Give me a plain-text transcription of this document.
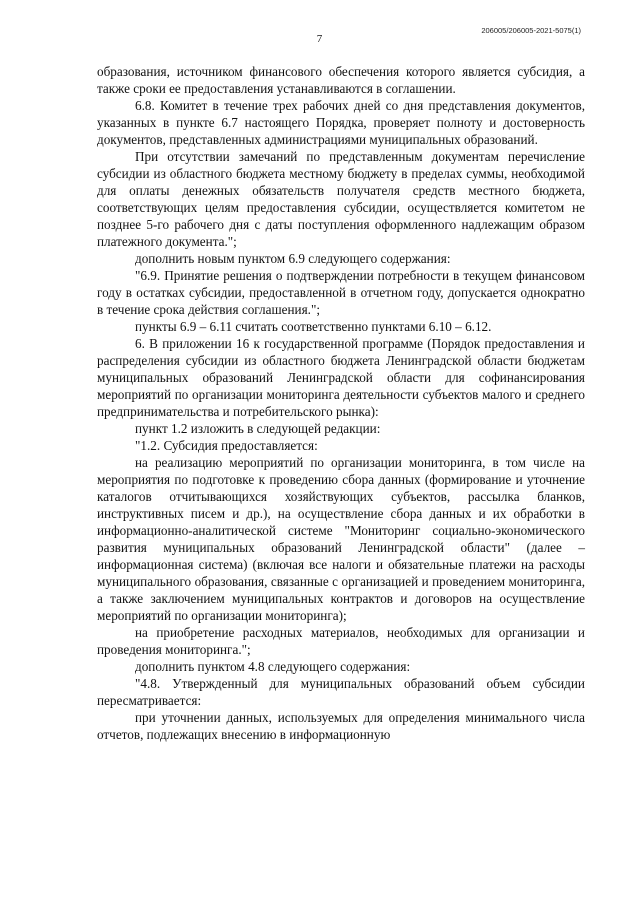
206005/206005-2021-5075(1)
7

образования, источником финансового обеспечения которого является субсидия, а также сроки ее предоставления устанавливаются в соглашении.

6.8. Комитет в течение трех рабочих дней со дня представления документов, указанных в пункте 6.7 настоящего Порядка, проверяет полноту и достоверность документов, представленных администрациями муниципальных образований.

При отсутствии замечаний по представленным документам перечисление субсидии из областного бюджета местному бюджету в пределах суммы, необходимой для оплаты денежных обязательств получателя средств местного бюджета, соответствующих целям предоставления субсидии, осуществляется комитетом не позднее 5-го рабочего дня с даты поступления оформленного надлежащим образом платежного документа.";

дополнить новым пунктом 6.9 следующего содержания:

"6.9. Принятие решения о подтверждении потребности в текущем финансовом году в остатках субсидии, предоставленной в отчетном году, допускается однократно в течение срока действия соглашения.";

пункты 6.9 – 6.11 считать соответственно пунктами 6.10 – 6.12.

6. В приложении 16 к государственной программе (Порядок предоставления и распределения субсидии из областного бюджета Ленинградской области бюджетам муниципальных образований Ленинградской области для софинансирования мероприятий по организации мониторинга деятельности субъектов малого и среднего предпринимательства и потребительского рынка):

пункт 1.2 изложить в следующей редакции:

"1.2. Субсидия предоставляется:

на реализацию мероприятий по организации мониторинга, в том числе на мероприятия по подготовке к проведению сбора данных (формирование и уточнение каталогов отчитывающихся хозяйствующих субъектов, рассылка бланков, инструктивных писем и др.), на осуществление сбора данных и их обработки в информационно-аналитической системе "Мониторинг социально-экономического развития муниципальных образований Ленинградской области" (далее – информационная система) (включая все налоги и обязательные платежи на расходы муниципального образования, связанные с организацией и проведением мониторинга, а также заключением муниципальных контрактов и договоров на осуществление мероприятий по организации мониторинга);

на приобретение расходных материалов, необходимых для организации и проведения мониторинга.";

дополнить пунктом 4.8 следующего содержания:

"4.8. Утвержденный для муниципальных образований объем субсидии пересматривается:

при уточнении данных, используемых для определения минимального числа отчетов, подлежащих внесению в информационную
